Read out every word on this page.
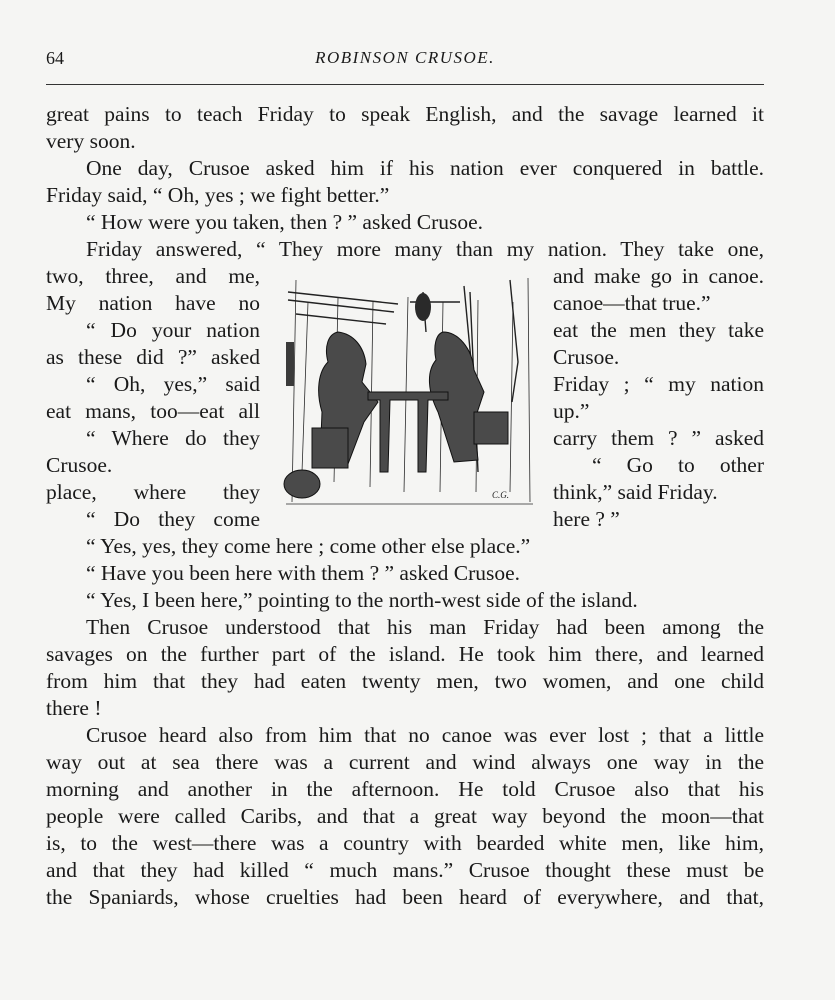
64	ROBINSON CRUSOE.
great pains to teach Friday to speak English, and the savage learned it
very soon.
One day, Crusoe asked him if his nation ever conquered in battle.
Friday said, “ Oh, yes ; we fight better.”
“ How were you taken, then ? ” asked Crusoe.
Friday answered, “ They more many than my nation. They take one,
two, three, and me,	and make go in canoe.
My nation have no	canoe—that true.”
“ Do your nation	eat the men they take
as these did ?” asked	Crusoe.
“ Oh, yes,” said	Friday ; “ my nation
eat mans, too—eat all	up.”
“ Where do they	carry them ? ” asked
Crusoe.	“ Go to other
place, where they	think,” said Friday.
“ Do they come	here ? ”
“ Yes, yes, they come here ; come other else place.”
“ Have you been here with them ? ” asked Crusoe.
“ Yes, I been here,” pointing to the north-west side of the island.
Then Crusoe understood that his man Friday had been among the
savages on the further part of the island. He took him there, and learned
from him that they had eaten twenty men, two women, and one child
there !
Crusoe heard also from him that no canoe was ever lost ; that a little
way out at sea there was a current and wind always one way in the
morning and another in the afternoon. He told Crusoe also that his
people were called Caribs, and that a great way beyond the moon—that
is, to the west—there was a country with bearded white men, like him,
and that they had killed “ much mans.” Crusoe thought these must be
the Spaniards, whose cruelties had been heard of everywhere, and that,
C.G.
